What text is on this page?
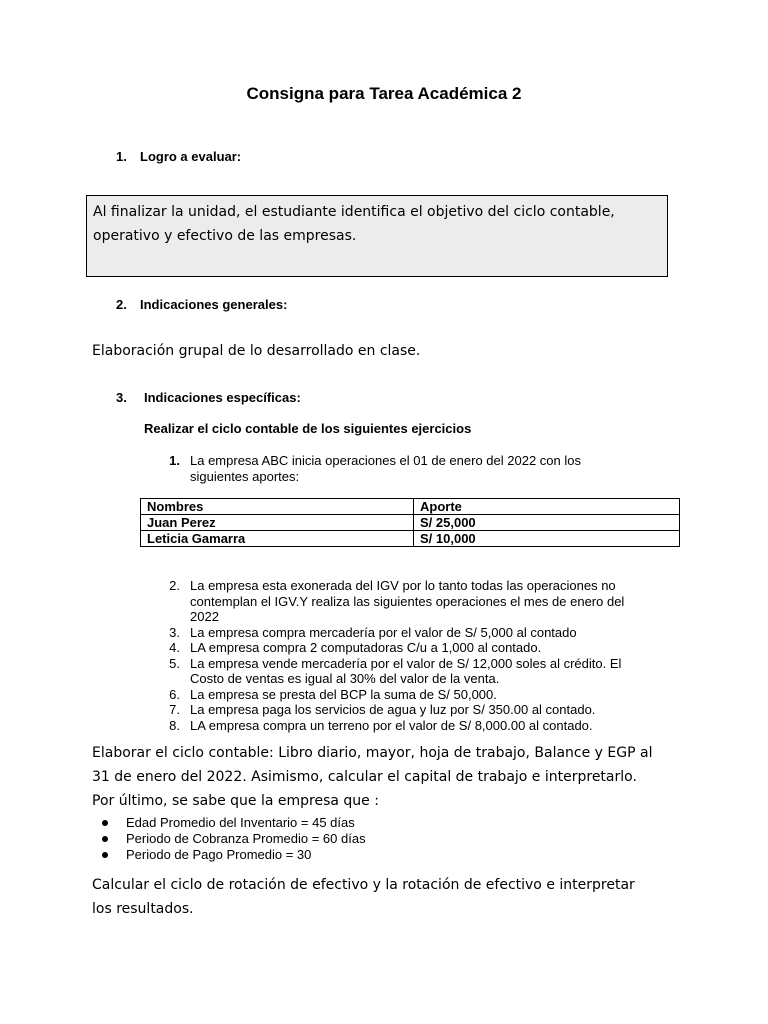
Consigna para Tarea Académica 2
1. Logro a evaluar:
Al finalizar la unidad, el estudiante identifica el objetivo del ciclo contable,
operativo y efectivo de las empresas.
2. Indicaciones generales:
Elaboración grupal de lo desarrollado en clase.
3. Indicaciones específicas:
Realizar el ciclo contable de los siguientes ejercicios
1. La empresa ABC inicia operaciones el 01 de enero del 2022 con los
siguientes aportes:
Nombres	Aporte
Juan Perez	S/ 25,000
Leticia Gamarra	S/ 10,000
2. La empresa esta exonerada del IGV por lo tanto todas las operaciones no
contemplan el IGV.Y realiza las siguientes operaciones el mes de enero del
2022
3. La empresa compra mercadería por el valor de S/ 5,000 al contado
4. LA empresa compra 2 computadoras C/u a 1,000 al contado.
5. La empresa vende mercadería por el valor de S/ 12,000 soles al crédito. El
Costo de ventas es igual al 30% del valor de la venta.
6. La empresa se presta del BCP la suma de S/ 50,000.
7. La empresa paga los servicios de agua y luz por S/ 350.00 al contado.
8. LA empresa compra un terreno por el valor de S/ 8,000.00 al contado.
Elaborar el ciclo contable: Libro diario, mayor, hoja de trabajo, Balance y EGP al
31 de enero del 2022. Asimismo, calcular el capital de trabajo e interpretarlo.
Por último, se sabe que la empresa que :
Edad Promedio del Inventario = 45 días
Periodo de Cobranza Promedio = 60 días
Periodo de Pago Promedio = 30
Calcular el ciclo de rotación de efectivo y la rotación de efectivo e interpretar
los resultados.
